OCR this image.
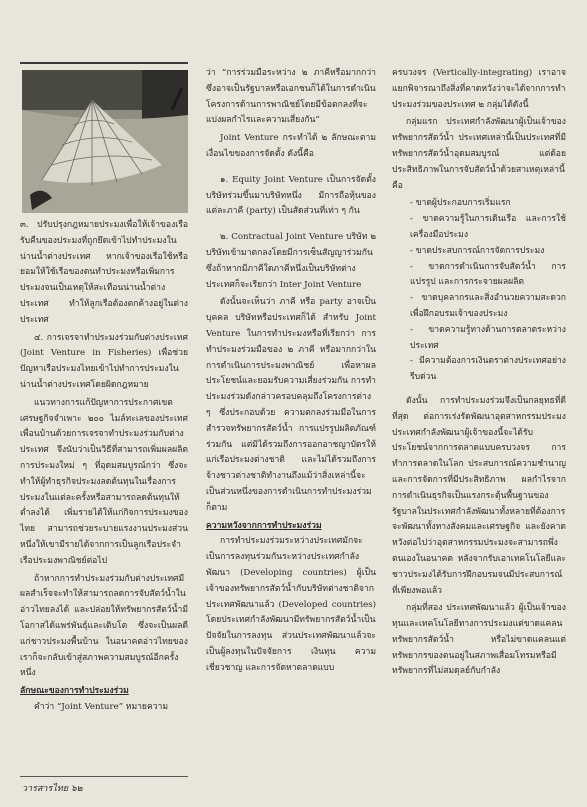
๓. ปรับปรุงกฎหมายประมงเพื่อให้เจ้าของเรือรับคืนของประมงที่ถูกยึดเข้าไปทำประมงในน่านน้ำต่างประเทศ หากเจ้าของเรือใช้หรือยอมให้ใช้เรือของตนทำประมงหรือเพิ่มการประมงจนเป็นเหตุให้สะเทือนน่านน้ำต่างประเทศ ทำให้ลูกเรือต้องตกค้างอยู่ในต่างประเทศ

๔. การเจรจาทำประมงร่วมกับต่างประเทศ (Joint Venture in Fisheries) เพื่อช่วยปัญหาเรือประมงไทยเข้าไปทำการประมงในน่านน้ำต่างประเทศโดยผิดกฎหมาย

แนวทางการแก้ปัญหาการประกาศเขตเศรษฐกิจจำเพาะ ๒๐๐ ไมล์ทะเลของประเทศเพื่อนบ้านด้วยการเจรจาทำประมงร่วมกับต่างประเทศ จึงนับว่าเป็นวิธีที่สามารถเพิ่มผลผลิตการประมงใหม่ ๆ ที่อุดมสมบูรณ์กว่า ซึ่งจะทำให้ผู้ทำธุรกิจประมงลดต้นทุนในเรื่องการประมงในแต่ละครั้งหรือสามารถลดต้นทุนให้ต่ำลงได้ เพิ่มรายได้ให้แก่กิจการประมงของไทย สามารถช่วยระบายแรงงานประมงส่วนหนึ่งให้เขามีรายได้จากการเป็นลูกเรือประจำเรือประมงพาณิชย์ต่อไป

ถ้าหากการทำประมงร่วมกับต่างประเทศมีผลสำเร็จจะทำให้สามารถลดการจับสัตว์น้ำในอ่าวไทยลงได้ และปล่อยให้ทรัพยากรสัตว์น้ำมีโอกาสได้แพร่พันธุ์และเติบโต ซึ่งจะเป็นผลดีแก่ชาวประมงพื้นบ้าน ในอนาคตอ่าวไทยของเราก็จะกลับเข้าสู่สภาพความสมบูรณ์อีกครั้งหนึ่ง

ลักษณะของการทำประมงร่วม

คำว่า “Joint Venture” หมายความ

ว่า “การร่วมมือระหว่าง ๒ ภาคีหรือมากกว่า ซึ่งอาจเป็นรัฐบาลหรือเอกชนก็ได้ในการดำเนินโครงการด้านการพาณิชย์โดยมีข้อตกลงที่จะแบ่งผลกำไรและความเสี่ยงกัน”

Joint Venture กระทำได้ ๒ ลักษณะตามเงื่อนไขของการจัดตั้ง ดังนี้คือ

๑. Equity Joint Venture เป็นการจัดตั้งบริษัทร่วมขึ้นมาบริษัทหนึ่ง มีการถือหุ้นของแต่ละภาคี (party) เป็นสัดส่วนที่เท่า ๆ กัน

๒. Contractual Joint Venture บริษัท ๒ บริษัทเข้ามาตกลงโดยมีการเซ็นสัญญาร่วมกัน ซึ่งถ้าหากมีภาคีใดภาคีหนึ่งเป็นบริษัทต่างประเทศก็จะเรียกว่า Inter Joint Venture

ดังนั้นจะเห็นว่า ภาคี หรือ party อาจเป็นบุคคล บริษัทหรือประเทศก็ได้ สำหรับ Joint Venture ในการทำประมงหรือที่เรียกว่า การทำประมงร่วมมือของ ๒ ภาคี หรือมากกว่าในการดำเนินการประมงพาณิชย์ เพื่อหาผลประโยชน์และยอมรับความเสี่ยงร่วมกัน การทำประมงร่วมดังกล่าวครอบคลุมถึงโครงการต่าง ๆ ซึ่งประกอบด้วย ความตกลงร่วมมือในการสำรวจทรัพยากรสัตว์น้ำ การแปรรูปผลิตภัณฑ์ร่วมกัน แต่มิได้รวมถึงการออกอาชญาบัตรให้แก่เรือประมงต่างชาติ และไม่ได้รวมถึงการจ้างชาวต่างชาติทำงานถึงแม้ว่าสิ่งเหล่านี้จะเป็นส่วนหนึ่งของการดำเนินการทำประมงร่วมก็ตาม

ความหวังจากการทำประมงร่วม

การทำประมงร่วมระหว่างประเทศมักจะเป็นการลงทุนร่วมกันระหว่างประเทศกำลังพัฒนา (Developing countries) ผู้เป็นเจ้าของทรัพยากรสัตว์น้ำกับบริษัทต่างชาติจากประเทศพัฒนาแล้ว (Developed countries) โดยประเทศกำลังพัฒนามีทรัพยากรสัตว์น้ำเป็นปัจจัยในการลงทุน ส่วนประเทศพัฒนาแล้วจะเป็นผู้ลงทุนในปัจจัยการ เงินทุน ความเชี่ยวชาญ และการจัดหาตลาดแบบ

ครบวงจร (Vertically-integrating) เราอาจแยกพิจารณาถึงสิ่งที่คาดหวังว่าจะได้จากการทำประมงร่วมของประเทศ ๒ กลุ่มได้ดังนี้

กลุ่มแรก ประเทศกำลังพัฒนาผู้เป็นเจ้าของทรัพยากรสัตว์น้ำ ประเทศเหล่านี้เป็นประเทศที่มีทรัพยากรสัตว์น้ำอุดมสมบูรณ์ แต่ด้อยประสิทธิภาพในการจับสัตว์น้ำด้วยสาเหตุเหล่านี้คือ

- ขาดผู้ประกอบการเริ่มแรก

- ขาดความรู้ในการเดินเรือ และการใช้เครื่องมือประมง

- ขาดประสบการณ์การจัดการประมง

- ขาดการดำเนินการจับสัตว์น้ำ การแปรรูป และการกระจายผลผลิต

- ขาดบุคลากรและสิ่งอำนวยความสะดวกเพื่อฝึกอบรมเจ้าของประมง

- ขาดความรู้ทางด้านการตลาดระหว่างประเทศ

- มีความต้องการเงินตราต่างประเทศอย่างรีบด่วน

ดังนั้น การทำประมงร่วมจึงเป็นกลยุทธที่ดีที่สุด ต่อการเร่งรัดพัฒนาอุตสาหกรรมประมง ประเทศกำลังพัฒนาผู้เจ้าของนี้จะได้รับประโยชน์จากการตลาดแบบครบวงจร การทำการตลาดในโลก ประสบการณ์ความชำนาญ และการจัดการที่มีประสิทธิภาพ ผลกำไรจากการดำเนินธุรกิจเป็นแรงกระตุ้นพื้นฐานของรัฐบาลในประเทศกำลังพัฒนาทั้งหลายที่ต้องการจะพัฒนาทั้งทางสังคมและเศรษฐกิจ และยังคาดหวังต่อไปว่าอุตสาหกรรมประมงจะสามารถพึ่งตนเองในอนาคต หลังจากรับเอาเทคโนโลยีและชาวประมงได้รับการฝึกอบรมจนมีประสบการณ์ที่เพียงพอแล้ว

กลุ่มที่สอง ประเทศพัฒนาแล้ว ผู้เป็นเจ้าของทุนและเทคโนโลยีทางการประมงแต่ขาดแคลนทรัพยากรสัตว์น้ำ หรือไม่ขาดแคลนแต่ทรัพยากรของตนอยู่ในสภาพเสื่อมโทรมหรือมีทรัพยากรที่ไม่สมดุลย์กับกำลัง

วารสารไทย ๖๒
